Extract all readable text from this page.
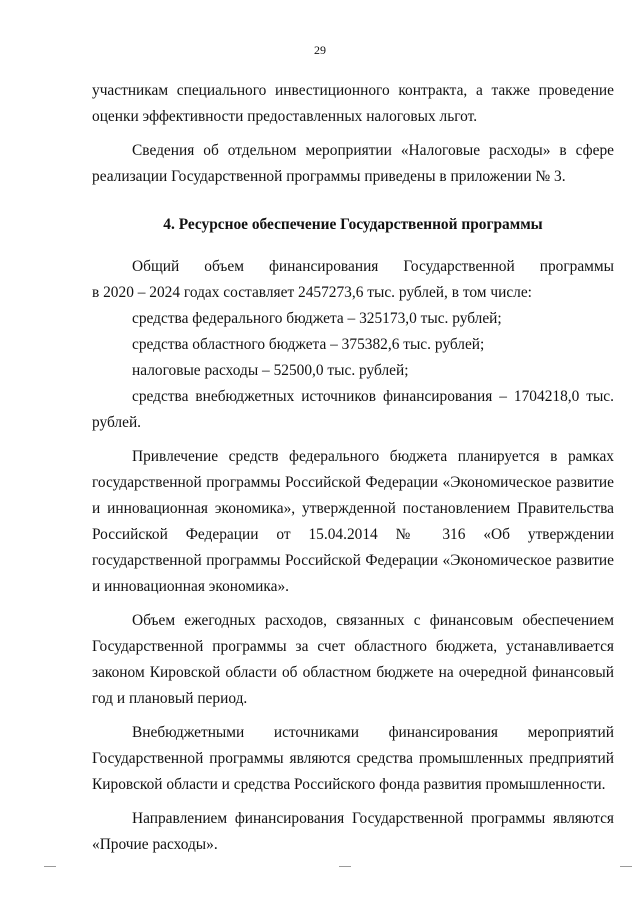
29

участникам специального инвестиционного контракта, а также проведение

оценки эффективности предоставленных налоговых льгот.

Сведения об отдельном мероприятии «Налоговые расходы» в сфере реализации Государственной программы приведены в приложении № 3.

4. Ресурсное обеспечение Государственной программы

Общий объем финансирования Государственной программы

в 2020 – 2024 годах составляет 2457273,6 тыс. рублей, в том числе:

средства федерального бюджета – 325173,0 тыс. рублей;

средства областного бюджета – 375382,6 тыс. рублей;

налоговые расходы – 52500,0 тыс. рублей;

средства внебюджетных источников финансирования – 1704218,0 тыс. рублей.

Привлечение средств федерального бюджета планируется в рамках государственной программы Российской Федерации «Экономическое развитие и инновационная экономика», утвержденной постановлением Правительства Российской Федерации от 15.04.2014 № 316 «Об утверждении государственной программы Российской Федерации «Экономическое развитие и инновационная экономика».

Объем ежегодных расходов, связанных с финансовым обеспечением Государственной программы за счет областного бюджета, устанавливается законом Кировской области об областном бюджете на очередной финансовый год и плановый период.

Внебюджетными источниками финансирования мероприятий Государственной программы являются средства промышленных предприятий Кировской области и средства Российского фонда развития промышленности.

Направлением финансирования Государственной программы являются «Прочие расходы».
